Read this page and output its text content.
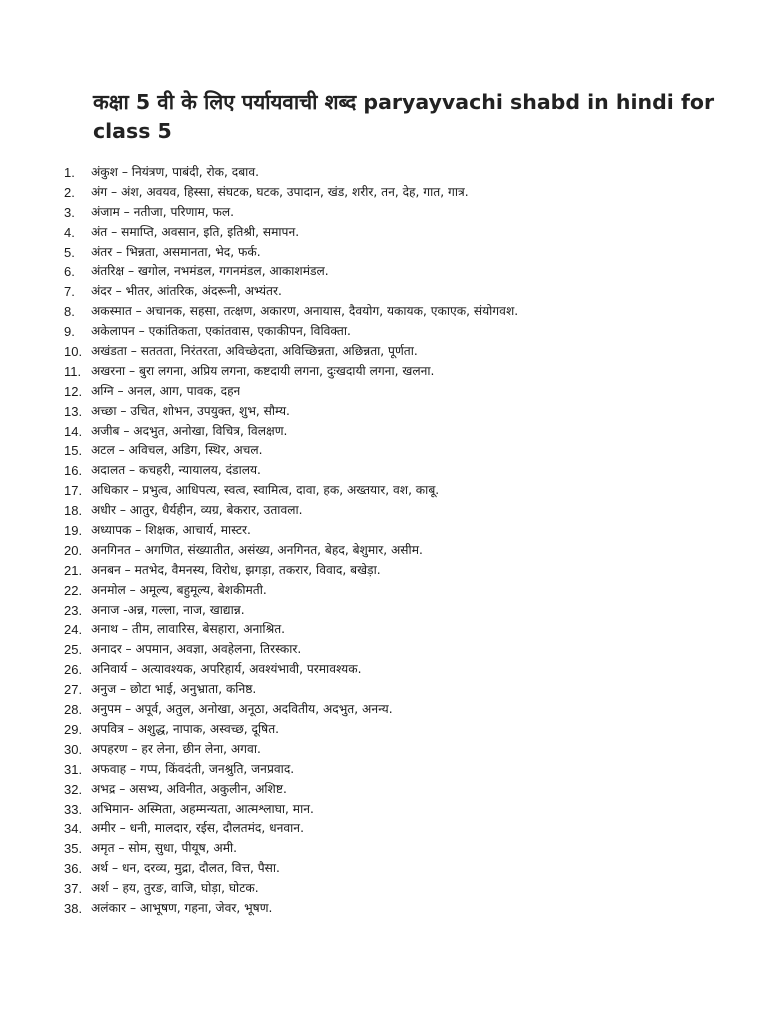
कक्षा 5 वी के लिए पर्यायवाची शब्द paryayvachi shabd in hindi for class 5
1.	अंकुश – नियंत्रण, पाबंदी, रोक, दबाव.
2.	अंग – अंश, अवयव, हिस्सा, संघटक, घटक, उपादान, खंड, शरीर, तन, देह, गात, गात्र.
3.	अंजाम – नतीजा, परिणाम, फल.
4.	अंत – समाप्ति, अवसान, इति, इतिश्री, समापन.
5.	अंतर – भिन्नता, असमानता, भेद, फर्क.
6.	अंतरिक्ष – खगोल, नभमंडल, गगनमंडल, आकाशमंडल.
7.	अंदर – भीतर, आंतरिक, अंदरूनी, अभ्यंतर.
8.	अकस्मात – अचानक, सहसा, तत्क्षण, अकारण, अनायास, दैवयोग, यकायक, एकाएक, संयोगवश.
9.	अकेलापन – एकांतिकता, एकांतवास, एकाकीपन, विविक्ता.
10. अखंडता – सततता, निरंतरता, अविच्छेदता, अविच्छिन्नता, अछिन्नता, पूर्णता.
11. अखरना – बुरा लगना, अप्रिय लगना, कष्टदायी लगना, दुःखदायी लगना, खलना.
12. अग्नि – अनल, आग, पावक, दहन
13. अच्छा – उचित, शोभन, उपयुक्त, शुभ, सौम्य.
14. अजीब – अदभुत, अनोखा, विचित्र, विलक्षण.
15. अटल – अविचल, अडिग, स्थिर, अचल.
16. अदालत – कचहरी, न्यायालय, दंडालय.
17. अधिकार – प्रभुत्व, आधिपत्य, स्वत्व, स्वामित्व, दावा, हक, अख्तयार, वश, काबू.
18. अधीर – आतुर, धैर्यहीन, व्यग्र, बेकरार, उतावला.
19. अध्यापक – शिक्षक, आचार्य, मास्टर.
20. अनगिनत – अगणित, संख्यातीत, असंख्य, अनगिनत, बेहद, बेशुमार, असीम.
21. अनबन – मतभेद, वैमनस्य, विरोध, झगड़ा, तकरार, विवाद, बखेड़ा.
22. अनमोल – अमूल्य, बहुमूल्य, बेशकीमती.
23. अनाज -अन्न, गल्ला, नाज, खाद्यान्न.
24. अनाथ – तीम, लावारिस, बेसहारा, अनाश्रित.
25. अनादर – अपमान, अवज्ञा, अवहेलना, तिरस्कार.
26. अनिवार्य – अत्यावश्यक, अपरिहार्य, अवश्यंभावी, परमावश्यक.
27. अनुज – छोटा भाई, अनुभ्राता, कनिष्ठ.
28. अनुपम – अपूर्व, अतुल, अनोखा, अनूठा, अदवितीय, अदभुत, अनन्य.
29. अपवित्र – अशुद्ध, नापाक, अस्वच्छ, दूषित.
30. अपहरण – हर लेना, छीन लेना, अगवा.
31. अफवाह – गप्प, किंवदंती, जनश्रुति, जनप्रवाद.
32. अभद्र – असभ्य, अविनीत, अकुलीन, अशिष्ट.
33. अभिमान- अस्मिता, अहम्मन्यता, आत्मश्लाघा, मान.
34. अमीर – धनी, मालदार, रईस, दौलतमंद, धनवान.
35. अमृत – सोम, सुधा, पीयूष, अमी.
36. अर्थ – धन, दरव्य, मुद्रा, दौलत, वित्त, पैसा.
37. अर्श – हय, तुरङ, वाजि, घोड़ा, घोटक.
38. अलंकार – आभूषण, गहना, जेवर, भूषण.
